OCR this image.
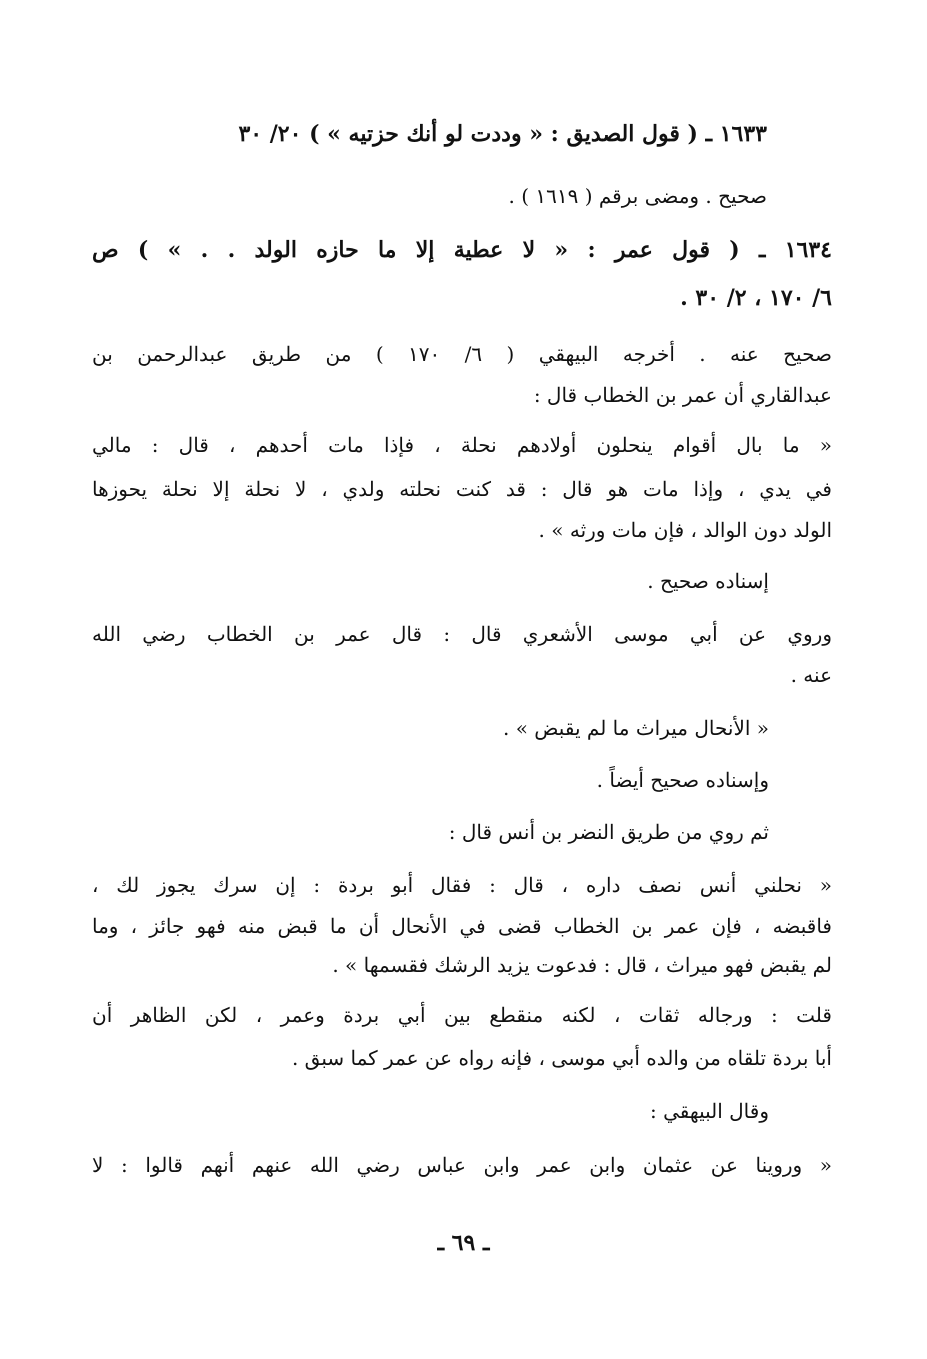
١٦٣٣ ـ ( قول الصديق : « وددت لو أنك حزتيه » ) ٢٠/ ٣٠

صحيح . ومضى برقم ( ١٦١٩ ) .

١٦٣٤ ـ ( قول عمر : « لا عطية إلا ما حازه الولد . . » ) ص

٦/ ١٧٠ ، ٢/ ٣٠ .

صحيح عنه . أخرجه البيهقي ( ٦/ ١٧٠ ) من طريق عبدالرحمن بن

عبدالقاري أن عمر بن الخطاب قال :

« ما بال أقوام ينحلون أولادهم نحلة ، فإذا مات أحدهم ، قال : مالي

في يدي ، وإذا مات هو قال : قد كنت نحلته ولدي ، لا نحلة إلا نحلة يحوزها

الولد دون الوالد ، فإن مات ورثه » .

إسناده صحيح .

وروي عن أبي موسى الأشعري قال : قال عمر بن الخطاب رضي الله

عنه .

« الأنحال ميراث ما لم يقبض » .

وإسناده صحيح أيضاً .

ثم روي من طريق النضر بن أنس قال :

« نحلني أنس نصف داره ، قال : فقال أبو بردة : إن سرك يجوز لك ،

فاقبضه ، فإن عمر بن الخطاب قضى في الأنحال أن ما قبض منه فهو جائز ، وما

لم يقبض فهو ميراث ، قال : فدعوت يزيد الرشك فقسمها » .

قلت : ورجاله ثقات ، لكنه منقطع بين أبي بردة وعمر ، لكن الظاهر أن

أبا بردة تلقاه من والده أبي موسى ، فإنه رواه عن عمر كما سبق .

وقال البيهقي :

« وروينا عن عثمان وابن عمر وابن عباس رضي الله عنهم أنهم قالوا : لا

ـ ٦٩ ـ
